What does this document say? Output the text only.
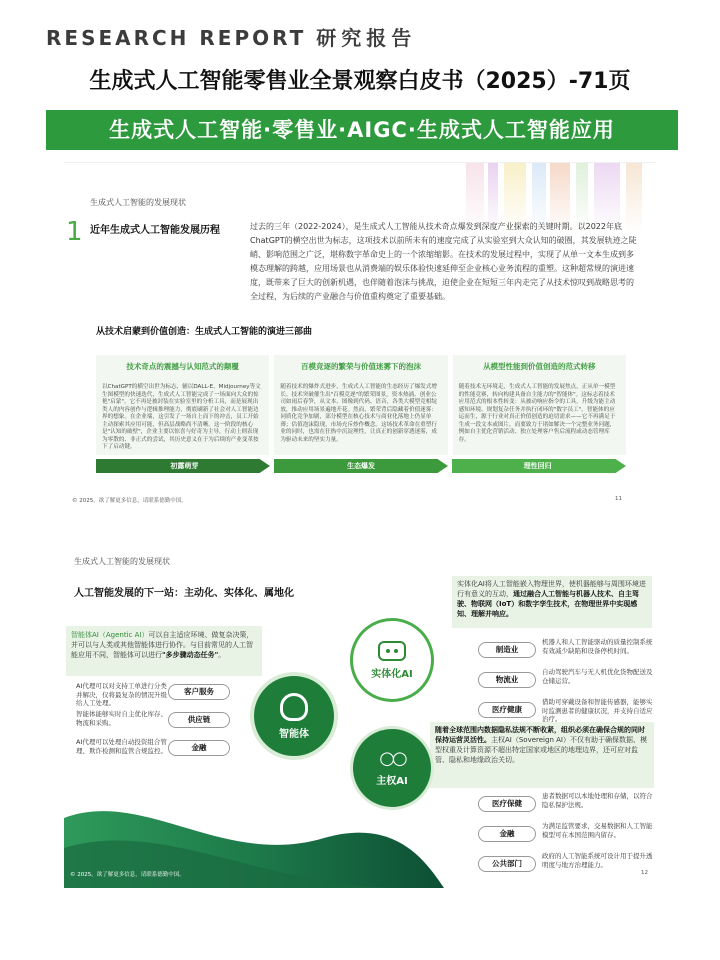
RESEARCH REPORT 研究报告
生成式人工智能零售业全景观察白皮书（2025）-71页
生成式人工智能·零售业·AIGC·生成式人工智能应用
生成式人工智能的发展现状
1 近年生成式人工智能发展历程	过去的三年（2022-2024），是生成式人工智能从技术奇点爆发到深度产业探索的关键时期。以2022年底ChatGPT的横空出世为标志，这项技术以前所未有的速度完成了从实验室到大众认知的破圈，其发展轨迹之陡峭、影响范围之广泛，堪称数字革命史上的一个浓缩缩影。在技术的发展过程中，实现了从单一文本生成到多模态理解的跨越，应用场景也从消费端的娱乐体验快速延伸至企业核心业务流程的重塑。这种超常规的演进速度，既带来了巨大的创新机遇，也伴随着泡沫与挑战，迫使企业在短短三年内走完了从技术惊叹到战略思考的全过程，为后续的产业融合与价值重构奠定了重要基础。
从技术启蒙到价值创造：生成式人工智能的演进三部曲
技术奇点的震撼与认知范式的颠覆
以ChatGPT的横空出世为标志，辅以DALL-E、Midjourney等文生图模型的快速迭代，生成式人工智能完成了一场面向大众的惊艳"启蒙"。它不再是被封装在实验室里的分析工具，而是展现出类人的内容创作与逻辑推理能力，彻底刷新了社会对人工智能边界的想象。在企业端，这引发了一场自上而下的冲击，员工开始主动探索其应用可能，但高层战略尚不清晰。这一阶段的核心是"认知的破壁"，企业主要以惊喜与好奇为主导，行动上则表现为零散的、非正式的尝试，其历史意义在于为后续的产业变革按下了启动键。
百模竞逐的繁荣与价值迷雾下的泡沫
随着技术的爆炸式进步，生成式人工智能的生态经历了爆发式增长。技术突破催生出"百模竞逐"的繁荣图景，资本热涌、创业公司如雨后春笋，从文本、图像到代码、语音，各类大模型竞相绽放，推动应用场景遍地开花。然而，繁荣背后隐藏着价值迷雾：同质化竞争加剧，部分模型在核心技术与商业化落地上仍显单薄；估值泡沫隐现，市场充斥炒作概念。这场技术革命在重塑行业的同时，也需在狂热中沉淀理性，让真正的创新穿透迷雾，成为驱动未来的坚实力量。
从模型性能到价值创造的范式转移
随着技术无环境走，生成式人工智能的发展焦点，正从单一模型的性能竞赛，转向构建具备自主能力的"智能体"。这标志着技术应用范式的根本性转变：从被动响应指令的工具，升级为能主动感知环境、规划复杂任务并执行闭环的"数字员工"。智能体的应运而生，源于行业对真正价值创造的迫切需求——它不再满足于生成一段文本或图片，而要致力于诸如解决一个完整业务问题，例如自主优化营销活动、独立处理客户售后流程或动态管理库存。
初露萌芽	生态爆发	理性回归
© 2025。欲了解更多信息，请联系德勤中国。	11
生成式人工智能的发展现状
人工智能发展的下一站：主动化、实体化、属地化
智能体AI（Agentic AI）可以自主适应环境、做复杂决策，并可以与人类或其他智能体进行协作。与目前常见的人工智能应用不同，智能体可以进行"多步骤动态任务"。
实体化AI将人工智能嵌入物理世界，使机器能够与周围环境进行有意义的互动，通过融合人工智能与机器人技术、自主驾驶、物联网（IoT）和数字孪生技术，在物理世界中实现感知、理解并响应。
随着全球范围内数据隐私法规不断收紧，组织必须在确保合规的同时保持运营灵活性。主权AI（Sovereign AI）不仅有助于确保数据、模型权重及计算资源不超出特定国家或地区的地理边界，还可应对监管、隐私和地缘政治关切。
AI代理可以对支持工单进行分类并解决，仅将最复杂的情况升级给人工处理。
客户服务
智能体能够实时自主优化库存、物流和采购。	供应链
AI代理可以处理自动投资组合管理、欺诈检测和监管合规监控。	金融
智能体
实体化AI
○○
主权AI
制造业
机器人和人工智能驱动的质量控制系统有效减少缺陷和设备停机时间。
物流业
自动驾驶汽车与无人机优化货物配送及仓储运营。
医疗健康
借助可穿戴设备和智能传感器，能够实时监测患者的健康状况，并支持自适应治疗。
医疗保健
患者数据可以本地处理和存储，以符合隐私保护法规。
金融
为满足监管要求，交易数据和人工智能模型可在本国范围内留存。
公共部门
政府的人工智能系统可设计用于提升透明度与地方治理能力。
© 2025。欲了解更多信息，请联系德勤中国。	12
